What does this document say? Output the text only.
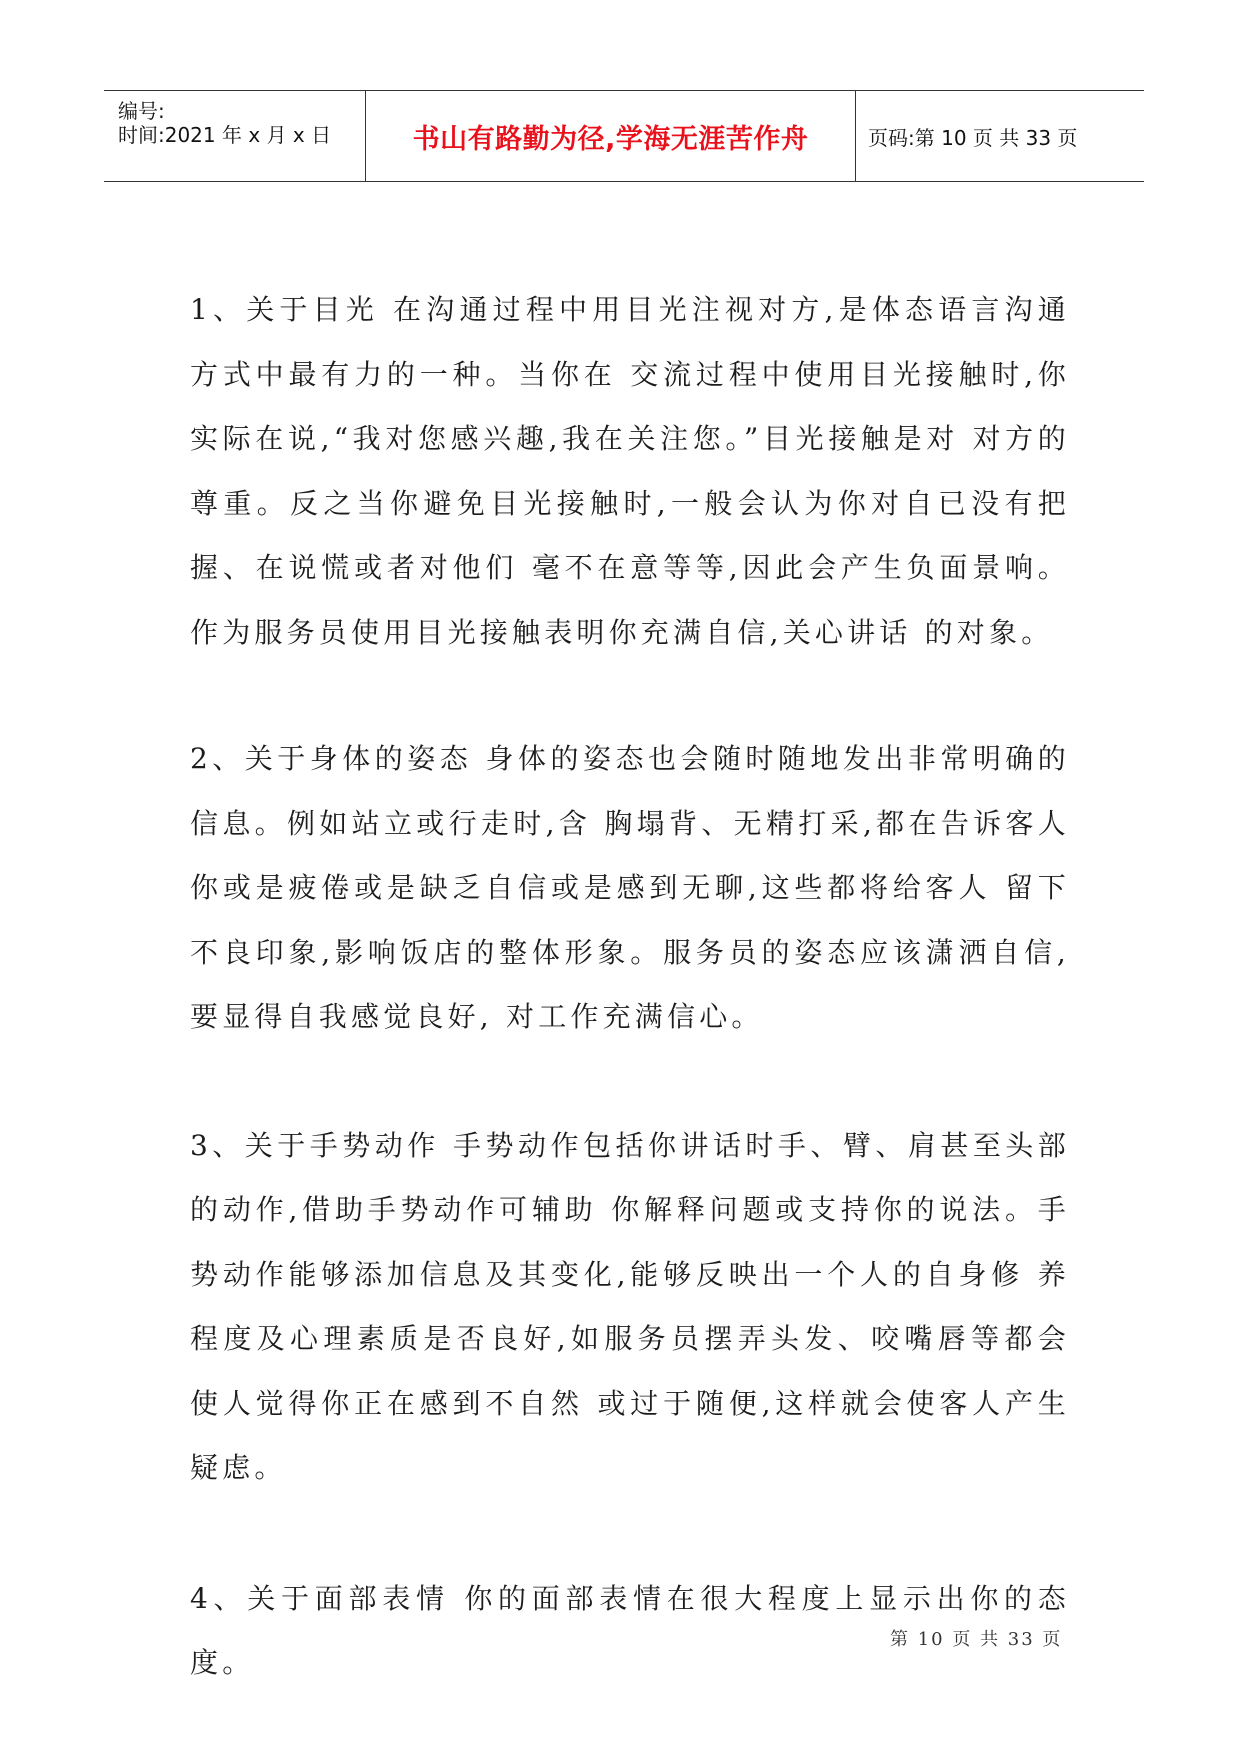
编号:
时间:2021 年 x 月 x 日	书山有路勤为径,学海无涯苦作舟	页码:第 10 页 共 33 页

1、关于目光 在沟通过程中用目光注视对方,是体态语言沟通方式中最有力的一种。当你在 交流过程中使用目光接触时,你实际在说,“我对您感兴趣,我在关注您。”目光接触是对 对方的尊重。反之当你避免目光接触时,一般会认为你对自已没有把握、在说慌或者对他们 毫不在意等等,因此会产生负面景响。作为服务员使用目光接触表明你充满自信,关心讲话 的对象。

2、关于身体的姿态 身体的姿态也会随时随地发出非常明确的信息。例如站立或行走时,含 胸塌背、无精打采,都在告诉客人你或是疲倦或是缺乏自信或是感到无聊,这些都将给客人 留下不良印象,影响饭店的整体形象。服务员的姿态应该潇洒自信,要显得自我感觉良好, 对工作充满信心。

3、关于手势动作 手势动作包括你讲话时手、臂、肩甚至头部的动作,借助手势动作可辅助 你解释问题或支持你的说法。手势动作能够添加信息及其变化,能够反映出一个人的自身修 养程度及心理素质是否良好,如服务员摆弄头发、咬嘴唇等都会使人觉得你正在感到不自然 或过于随便,这样就会使客人产生疑虑。

4、关于面部表情 你的面部表情在很大程度上显示出你的态度。

第 10 页 共 33 页
